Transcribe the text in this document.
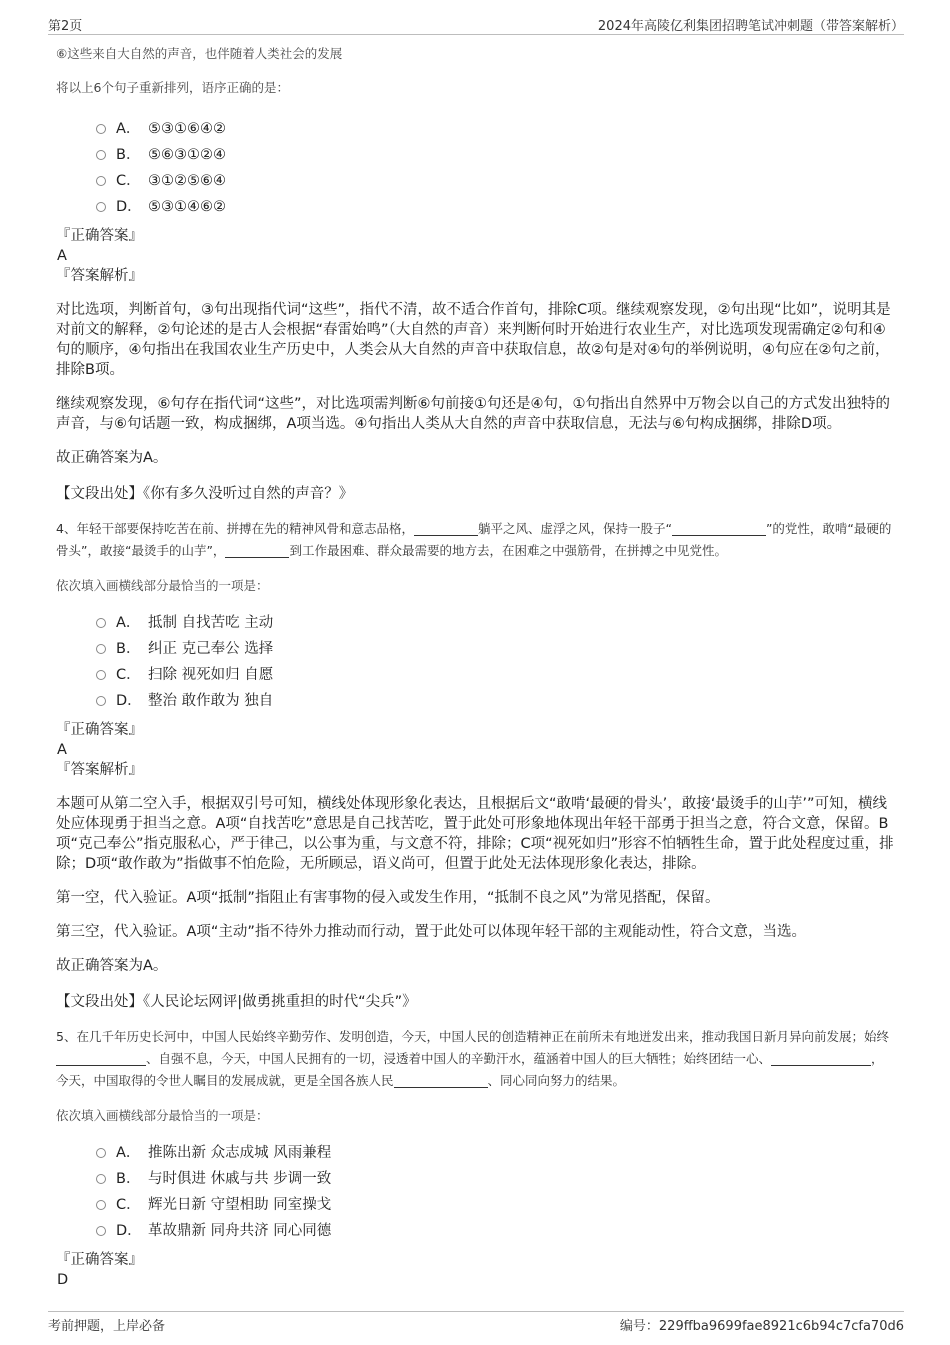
第2页	2024年高陵亿利集团招聘笔试冲刺题（带答案解析）
⑥这些来自大自然的声音，也伴随着人类社会的发展
将以上6个句子重新排列，语序正确的是：
A． ⑤③①⑥④②
B． ⑤⑥③①②④
C． ③①②⑤⑥④
D． ⑤③①④⑥②
『正确答案』
A
『答案解析』

对比选项，判断首句，③句出现指代词“这些”，指代不清，故不适合作首句，排除C项。继续观察发现，②句出现“比如”，说明其是对前文的解释，②句论述的是古人会根据“春雷始鸣”（大自然的声音）来判断何时开始进行农业生产，对比选项发现需确定②句和④句的顺序，④句指出在我国农业生产历史中，人类会从大自然的声音中获取信息，故②句是对④句的举例说明，④句应在②句之前，排除B项。

继续观察发现，⑥句存在指代词“这些”，对比选项需判断⑥句前接①句还是④句，①句指出自然界中万物会以自己的方式发出独特的声音，与⑥句话题一致，构成捆绑，A项当选。④句指出人类从大自然的声音中获取信息，无法与⑥句构成捆绑，排除D项。

故正确答案为A。

【文段出处】《你有多久没听过自然的声音？》

4、年轻干部要保持吃苦在前、拼搏在先的精神风骨和意志品格，	躺平之风、虚浮之风，保持一股子“	”的党性，敢啃“最硬的骨头”，敢接“最烫手的山芋”，	到工作最困难、群众最需要的地方去，在困难之中强筋骨，在拼搏之中见党性。
依次填入画横线部分最恰当的一项是：
A． 抵制 自找苦吃 主动
B． 纠正 克己奉公 选择
C． 扫除 视死如归 自愿
D． 整治 敢作敢为 独自
『正确答案』
A
『答案解析』

本题可从第二空入手，根据双引号可知，横线处体现形象化表达，且根据后文“敢啃‘最硬的骨头’，敢接‘最烫手的山芋’”可知，横线处应体现勇于担当之意。A项“自找苦吃”意思是自己找苦吃，置于此处可形象地体现出年轻干部勇于担当之意，符合文意，保留。B项“克己奉公”指克服私心，严于律己，以公事为重，与文意不符，排除；C项“视死如归”形容不怕牺牲生命，置于此处程度过重，排除；D项“敢作敢为”指做事不怕危险，无所顾忌，语义尚可，但置于此处无法体现形象化表达，排除。

第一空，代入验证。A项“抵制”指阻止有害事物的侵入或发生作用，“抵制不良之风”为常见搭配，保留。

第三空，代入验证。A项“主动”指不待外力推动而行动，置于此处可以体现年轻干部的主观能动性，符合文意，当选。

故正确答案为A。

【文段出处】《人民论坛网评|做勇挑重担的时代“尖兵”》

5、在几千年历史长河中，中国人民始终辛勤劳作、发明创造，今天，中国人民的创造精神正在前所未有地迸发出来，推动我国日新月异向前发展；始终、自强不息，今天，中国人民拥有的一切，浸透着中国人的辛勤汗水，蕴涵着中国人的巨大牺牲；始终团结一心、	，今天，中国取得的令世人瞩目的发展成就，更是全国各族人民	、同心同向努力的结果。
依次填入画横线部分最恰当的一项是：
A． 推陈出新 众志成城 风雨兼程
B． 与时俱进 休戚与共 步调一致
C． 辉光日新 守望相助 同室操戈
D． 革故鼎新 同舟共济 同心同德
『正确答案』
D
考前押题，上岸必备	编号：229ffba9699fae8921c6b94c7cfa70d6
